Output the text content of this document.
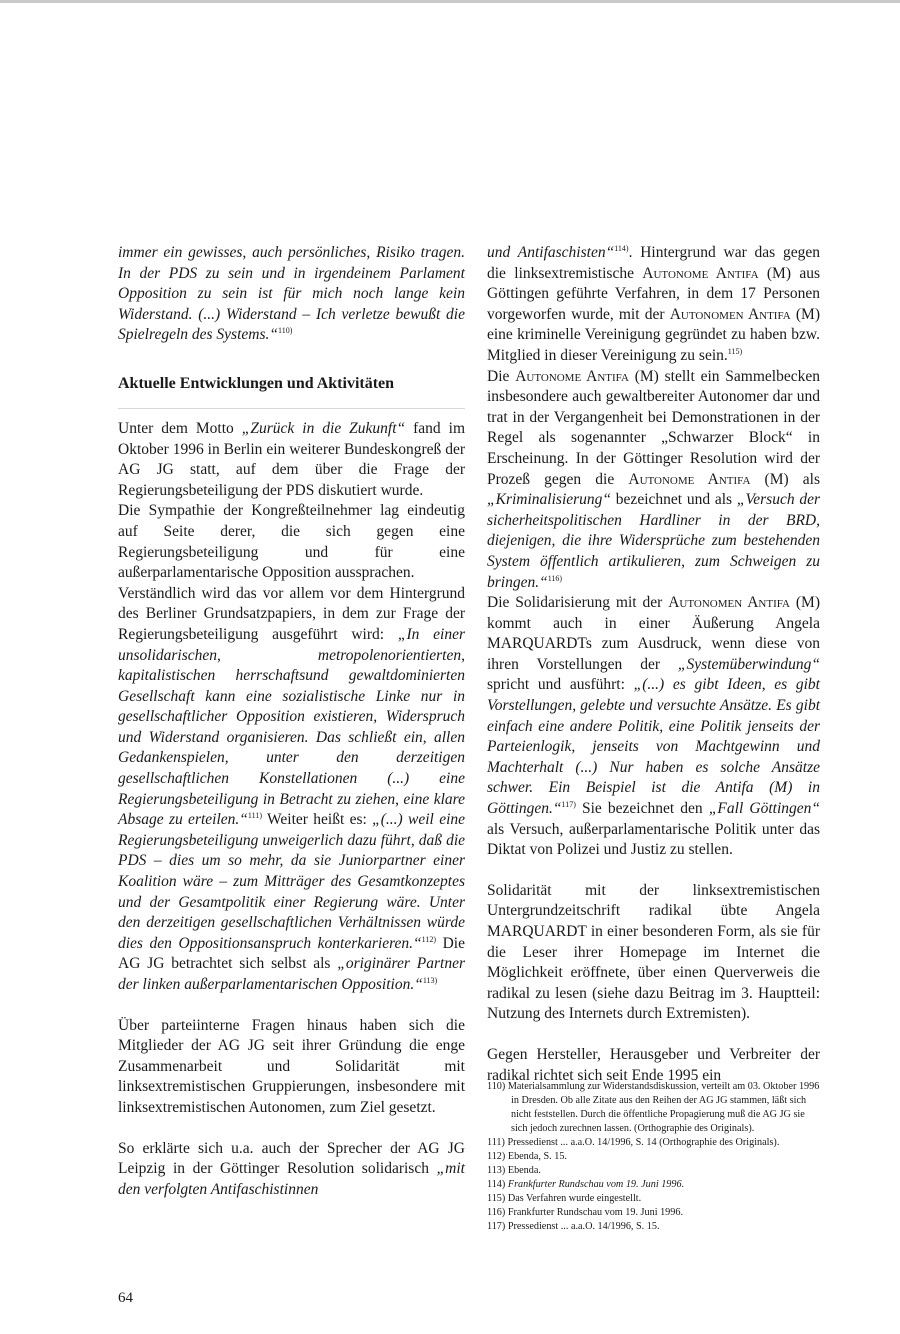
immer ein gewisses, auch persönliches, Risiko tragen. In der PDS zu sein und in irgendeinem Parlament Opposition zu sein ist für mich noch lange kein Widerstand. (...) Widerstand – Ich verletze bewußt die Spielregeln des Systems.“$^{110)}$

Aktuelle Entwicklungen und Aktivitäten

Unter dem Motto „Zurück in die Zukunft“ fand im Oktober 1996 in Berlin ein weiterer Bundeskongreß der AG JG statt, auf dem über die Frage der Regierungsbeteiligung der PDS diskutiert wurde.

Die Sympathie der Kongreßteilnehmer lag eindeutig auf Seite derer, die sich gegen eine Regierungsbeteiligung und für eine außerparlamentarische Opposition aussprachen.

Verständlich wird das vor allem vor dem Hintergrund des Berliner Grundsatzpapiers, in dem zur Frage der Regierungsbeteiligung ausgeführt wird: „In einer unsolidarischen, metropolenorientierten, kapitalistischen herrschaftsund gewaltdominierten Gesellschaft kann eine sozialistische Linke nur in gesellschaftlicher Opposition existieren, Widerspruch und Widerstand organisieren. Das schließt ein, allen Gedankenspielen, unter den derzeitigen gesellschaftlichen Konstellationen (...) eine Regierungsbeteiligung in Betracht zu ziehen, eine klare Absage zu erteilen.“$^{111)}$ Weiter heißt es: „(...) weil eine Regierungsbeteiligung unweigerlich dazu führt, daß die PDS – dies um so mehr, da sie Juniorpartner einer Koalition wäre – zum Mitträger des Gesamtkonzeptes und der Gesamtpolitik einer Regierung wäre. Unter den derzeitigen gesellschaftlichen Verhältnissen würde dies den Oppositionsanspruch konterkarieren.“$^{112)}$ Die AG JG betrachtet sich selbst als „originärer Partner der linken außerparlamentarischen Opposition.“$^{113)}$

Über parteiinterne Fragen hinaus haben sich die Mitglieder der AG JG seit ihrer Gründung die enge Zusammenarbeit und Solidarität mit linksextremistischen Gruppierungen, insbesondere mit linksextremistischen Autonomen, zum Ziel gesetzt.

So erklärte sich u.a. auch der Sprecher der AG JG Leipzig in der Göttinger Resolution solidarisch „mit den verfolgten Antifaschistinnen

und Antifaschisten“$^{114)}$. Hintergrund war das gegen die linksextremistische Autonome Antifa (M) aus Göttingen geführte Verfahren, in dem 17 Personen vorgeworfen wurde, mit der Autonomen Antifa (M) eine kriminelle Vereinigung gegründet zu haben bzw. Mitglied in dieser Vereinigung zu sein.$^{115)}$

Die Autonome Antifa (M) stellt ein Sammelbecken insbesondere auch gewaltbereiter Autonomer dar und trat in der Vergangenheit bei Demonstrationen in der Regel als sogenannter „Schwarzer Block“ in Erscheinung. In der Göttinger Resolution wird der Prozeß gegen die Autonome Antifa (M) als „Kriminalisierung“ bezeichnet und als „Versuch der sicherheitspolitischen Hardliner in der BRD, diejenigen, die ihre Widersprüche zum bestehenden System öffentlich artikulieren, zum Schweigen zu bringen.“$^{116)}$

Die Solidarisierung mit der Autonomen Antifa (M) kommt auch in einer Äußerung Angela MARQUARDTs zum Ausdruck, wenn diese von ihren Vorstellungen der „Systemüberwindung“ spricht und ausführt: „(...) es gibt Ideen, es gibt Vorstellungen, gelebte und versuchte Ansätze. Es gibt einfach eine andere Politik, eine Politik jenseits der Parteienlogik, jenseits von Machtgewinn und Machterhalt (...) Nur haben es solche Ansätze schwer. Ein Beispiel ist die Antifa (M) in Göttingen.“$^{117)}$ Sie bezeichnet den „Fall Göttingen“ als Versuch, außerparlamentarische Politik unter das Diktat von Polizei und Justiz zu stellen.

Solidarität mit der linksextremistischen Untergrundzeitschrift radikal übte Angela MARQUARDT in einer besonderen Form, als sie für die Leser ihrer Homepage im Internet die Möglichkeit eröffnete, über einen Querverweis die radikal zu lesen (siehe dazu Beitrag im 3. Hauptteil: Nutzung des Internets durch Extremisten).

Gegen Hersteller, Herausgeber und Verbreiter der radikal richtet sich seit Ende 1995 ein

110) Materialsammlung zur Widerstandsdiskussion, verteilt am 03. Oktober 1996 in Dresden. Ob alle Zitate aus den Reihen der AG JG stammen, läßt sich nicht feststellen. Durch die öffentliche Propagierung muß die AG JG sie sich jedoch zurechnen lassen. (Orthographie des Originals).
111) Pressedienst ... a.a.O. 14/1996, S. 14 (Orthographie des Originals).
112) Ebenda, S. 15.
113) Ebenda.
114) Frankfurter Rundschau vom 19. Juni 1996.
115) Das Verfahren wurde eingestellt.
116) Frankfurter Rundschau vom 19. Juni 1996.
117) Pressedienst ... a.a.O. 14/1996, S. 15.
64
